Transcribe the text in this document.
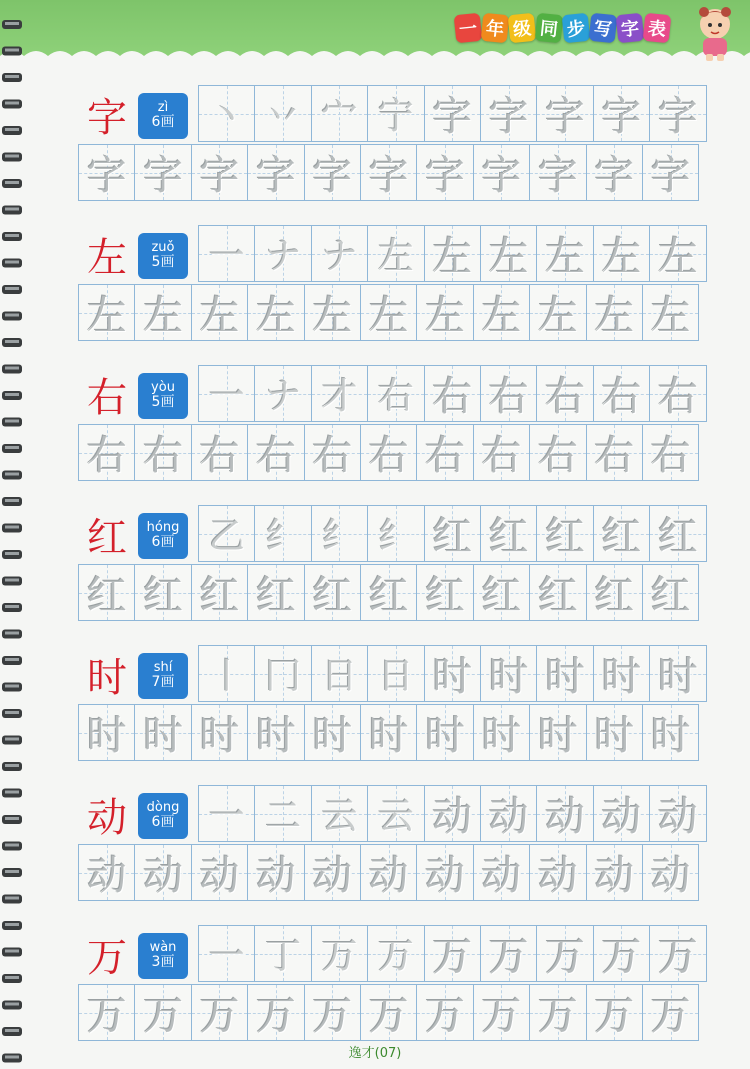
一 年 级 同 步 写 字 表
字	zì
6画 丶 丷 宀 宁 字 字 字 字 字
字 字 字 字 字 字 字 字 字 字 字
左	zuǒ
5画 一 ナ ナ 左 左 左 左 左 左
左 左 左 左 左 左 左 左 左 左 左
右	yòu
5画 一 ナ 才 右 右 右 右 右 右
右 右 右 右 右 右 右 右 右 右 右
红	hóng
6画 乙 纟 纟 纟 红 红 红 红 红
红 红 红 红 红 红 红 红 红 红 红
时	shí
7画 丨 冂 日 日 时 时 时 时 时
时 时 时 时 时 时 时 时 时 时 时
动	dòng
6画 一 二 云 云 动 动 动 动 动
动 动 动 动 动 动 动 动 动 动 动
万	wàn
3画 一 丁 万 万 万 万 万 万 万
万 万 万 万 万 万 万 万 万 万 万
逸才(07)
